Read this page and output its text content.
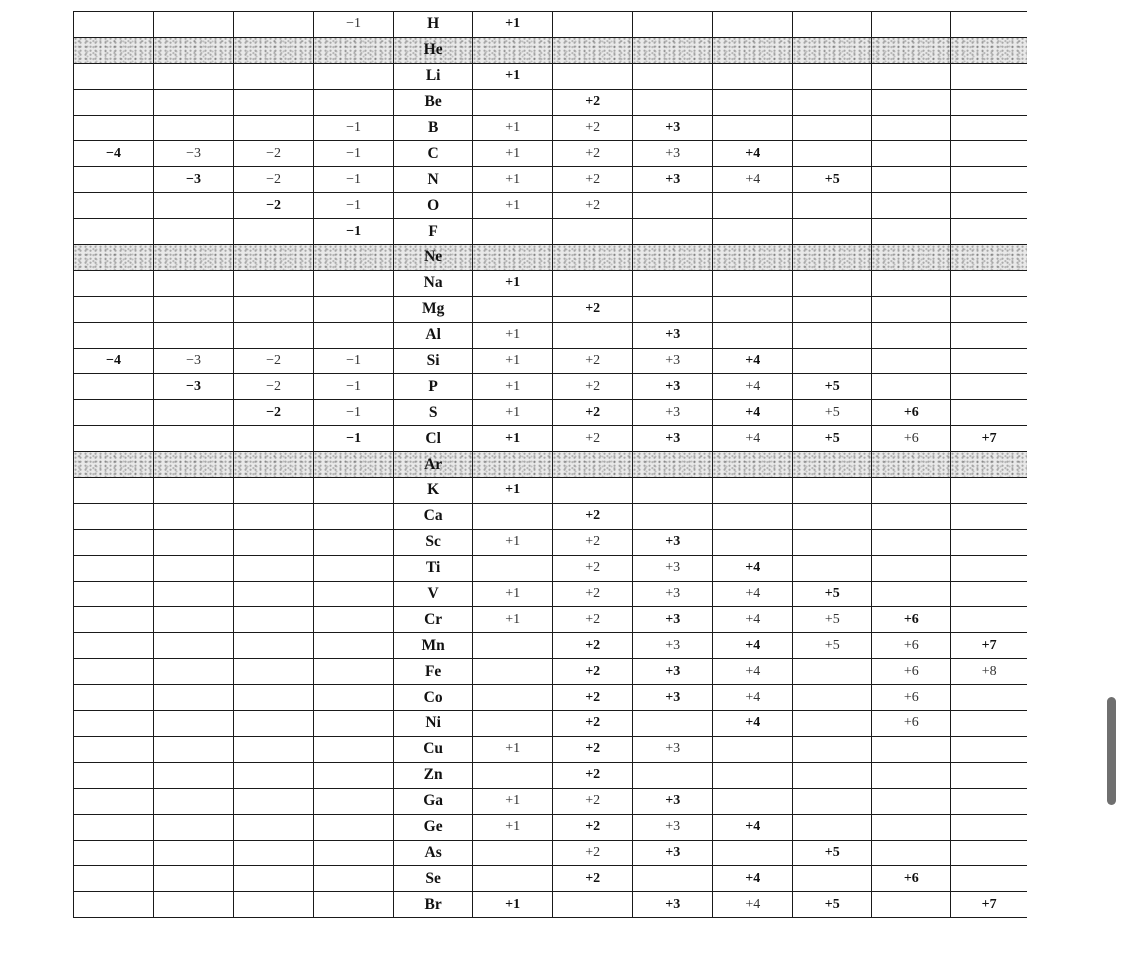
			−1	H	+1						
				He							
				Li	+1						
				Be		+2					
			−1	B	+1	+2	+3				
−4	−3	−2	−1	C	+1	+2	+3	+4			
	−3	−2	−1	N	+1	+2	+3	+4	+5		
		−2	−1	O	+1	+2					
			−1	F							
				Ne							
				Na	+1						
				Mg		+2					
				Al	+1		+3				
−4	−3	−2	−1	Si	+1	+2	+3	+4			
	−3	−2	−1	P	+1	+2	+3	+4	+5		
		−2	−1	S	+1	+2	+3	+4	+5	+6	
			−1	Cl	+1	+2	+3	+4	+5	+6	+7
				Ar							
				K	+1						
				Ca		+2					
				Sc	+1	+2	+3				
				Ti		+2	+3	+4			
				V	+1	+2	+3	+4	+5		
				Cr	+1	+2	+3	+4	+5	+6	
				Mn		+2	+3	+4	+5	+6	+7
				Fe		+2	+3	+4		+6	+8
				Co		+2	+3	+4		+6	
				Ni		+2		+4		+6	
				Cu	+1	+2	+3				
				Zn		+2					
				Ga	+1	+2	+3				
				Ge	+1	+2	+3	+4			
				As		+2	+3		+5		
				Se		+2		+4		+6	
				Br	+1		+3	+4	+5		+7
